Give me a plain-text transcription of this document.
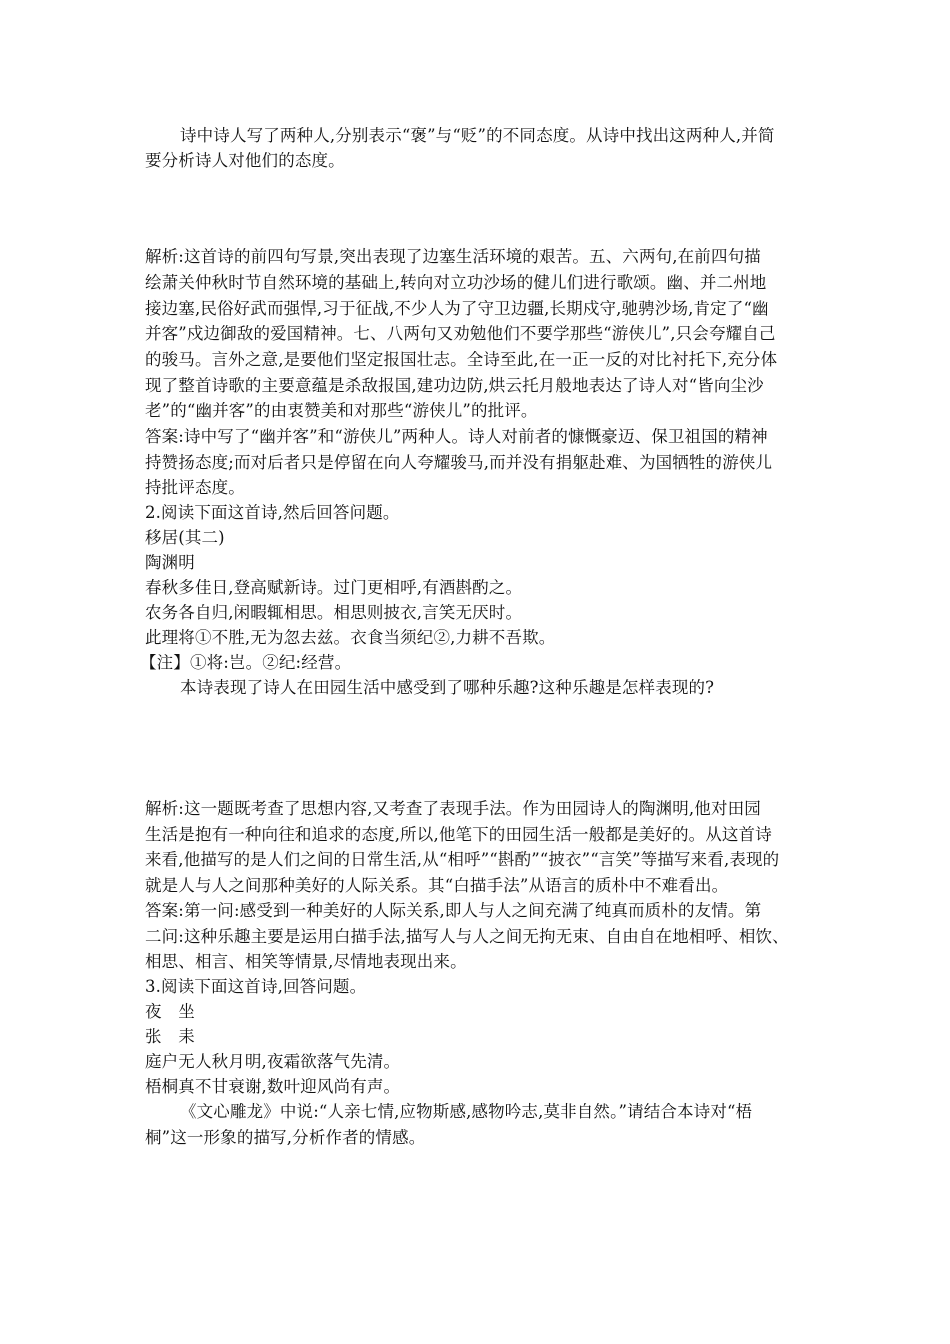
诗中诗人写了两种人,分别表示“褒”与“贬”的不同态度。从诗中找出这两种人,并简
要分析诗人对他们的态度。
解析:这首诗的前四句写景,突出表现了边塞生活环境的艰苦。五、六两句,在前四句描
绘萧关仲秋时节自然环境的基础上,转向对立功沙场的健儿们进行歌颂。幽、并二州地
接边塞,民俗好武而强悍,习于征战,不少人为了守卫边疆,长期戍守,驰骋沙场,肯定了“幽
并客”戍边御敌的爱国精神。七、八两句又劝勉他们不要学那些“游侠儿”,只会夸耀自己
的骏马。言外之意,是要他们坚定报国壮志。全诗至此,在一正一反的对比衬托下,充分体
现了整首诗歌的主要意蕴是杀敌报国,建功边防,烘云托月般地表达了诗人对“皆向尘沙
老”的“幽并客”的由衷赞美和对那些“游侠儿”的批评。
答案:诗中写了“幽并客”和“游侠儿”两种人。诗人对前者的慷慨豪迈、保卫祖国的精神
持赞扬态度;而对后者只是停留在向人夸耀骏马,而并没有捐躯赴难、为国牺牲的游侠儿
持批评态度。
2.阅读下面这首诗,然后回答问题。
移居(其二)
陶渊明
春秋多佳日,登高赋新诗。过门更相呼,有酒斟酌之。
农务各自归,闲暇辄相思。相思则披衣,言笑无厌时。
此理将①不胜,无为忽去兹。衣食当须纪②,力耕不吾欺。
【注】①将:岂。②纪:经营。
本诗表现了诗人在田园生活中感受到了哪种乐趣?这种乐趣是怎样表现的?
解析:这一题既考查了思想内容,又考查了表现手法。作为田园诗人的陶渊明,他对田园
生活是抱有一种向往和追求的态度,所以,他笔下的田园生活一般都是美好的。从这首诗
来看,他描写的是人们之间的日常生活,从“相呼”“斟酌”“披衣”“言笑”等描写来看,表现的
就是人与人之间那种美好的人际关系。其“白描手法”从语言的质朴中不难看出。
答案:第一问:感受到一种美好的人际关系,即人与人之间充满了纯真而质朴的友情。第
二问:这种乐趣主要是运用白描手法,描写人与人之间无拘无束、自由自在地相呼、相饮、
相思、相言、相笑等情景,尽情地表现出来。
3.阅读下面这首诗,回答问题。
夜　坐
张　耒
庭户无人秋月明,夜霜欲落气先清。
梧桐真不甘衰谢,数叶迎风尚有声。
《文心雕龙》中说:“人亲七情,应物斯感,感物吟志,莫非自然。”请结合本诗对“梧
桐”这一形象的描写,分析作者的情感。
